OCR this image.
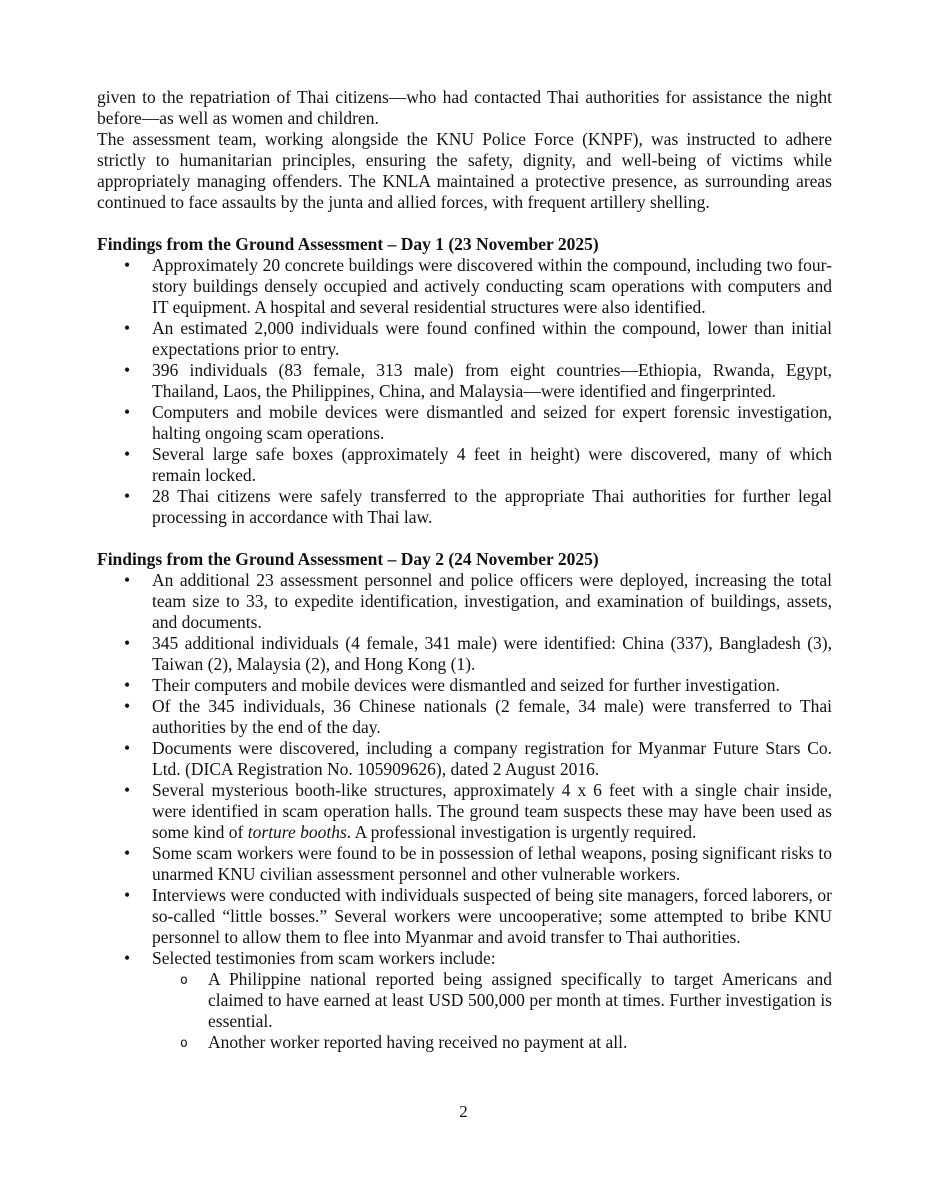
given to the repatriation of Thai citizens—who had contacted Thai authorities for assistance the night before—as well as women and children.

The assessment team, working alongside the KNU Police Force (KNPF), was instructed to adhere strictly to humanitarian principles, ensuring the safety, dignity, and well-being of victims while appropriately managing offenders. The KNLA maintained a protective presence, as surrounding areas continued to face assaults by the junta and allied forces, with frequent artillery shelling.

Findings from the Ground Assessment – Day 1 (23 November 2025)
• Approximately 20 concrete buildings were discovered within the compound, including two four-story buildings densely occupied and actively conducting scam operations with computers and IT equipment. A hospital and several residential structures were also identified.
• An estimated 2,000 individuals were found confined within the compound, lower than initial expectations prior to entry.
• 396 individuals (83 female, 313 male) from eight countries—Ethiopia, Rwanda, Egypt, Thailand, Laos, the Philippines, China, and Malaysia—were identified and fingerprinted.
• Computers and mobile devices were dismantled and seized for expert forensic investigation, halting ongoing scam operations.
• Several large safe boxes (approximately 4 feet in height) were discovered, many of which remain locked.
• 28 Thai citizens were safely transferred to the appropriate Thai authorities for further legal processing in accordance with Thai law.
Findings from the Ground Assessment – Day 2 (24 November 2025)
• An additional 23 assessment personnel and police officers were deployed, increasing the total team size to 33, to expedite identification, investigation, and examination of buildings, assets, and documents.
• 345 additional individuals (4 female, 341 male) were identified: China (337), Bangladesh (3), Taiwan (2), Malaysia (2), and Hong Kong (1).
• Their computers and mobile devices were dismantled and seized for further investigation.
• Of the 345 individuals, 36 Chinese nationals (2 female, 34 male) were transferred to Thai authorities by the end of the day.
• Documents were discovered, including a company registration for Myanmar Future Stars Co. Ltd. (DICA Registration No. 105909626), dated 2 August 2016.
• Several mysterious booth-like structures, approximately 4 x 6 feet with a single chair inside, were identified in scam operation halls. The ground team suspects these may have been used as some kind of torture booths. A professional investigation is urgently required.
• Some scam workers were found to be in possession of lethal weapons, posing significant risks to unarmed KNU civilian assessment personnel and other vulnerable workers.
• Interviews were conducted with individuals suspected of being site managers, forced laborers, or so-called “little bosses.” Several workers were uncooperative; some attempted to bribe KNU personnel to allow them to flee into Myanmar and avoid transfer to Thai authorities.
• Selected testimonies from scam workers include:
o A Philippine national reported being assigned specifically to target Americans and claimed to have earned at least USD 500,000 per month at times. Further investigation is essential.
o Another worker reported having received no payment at all.
2
